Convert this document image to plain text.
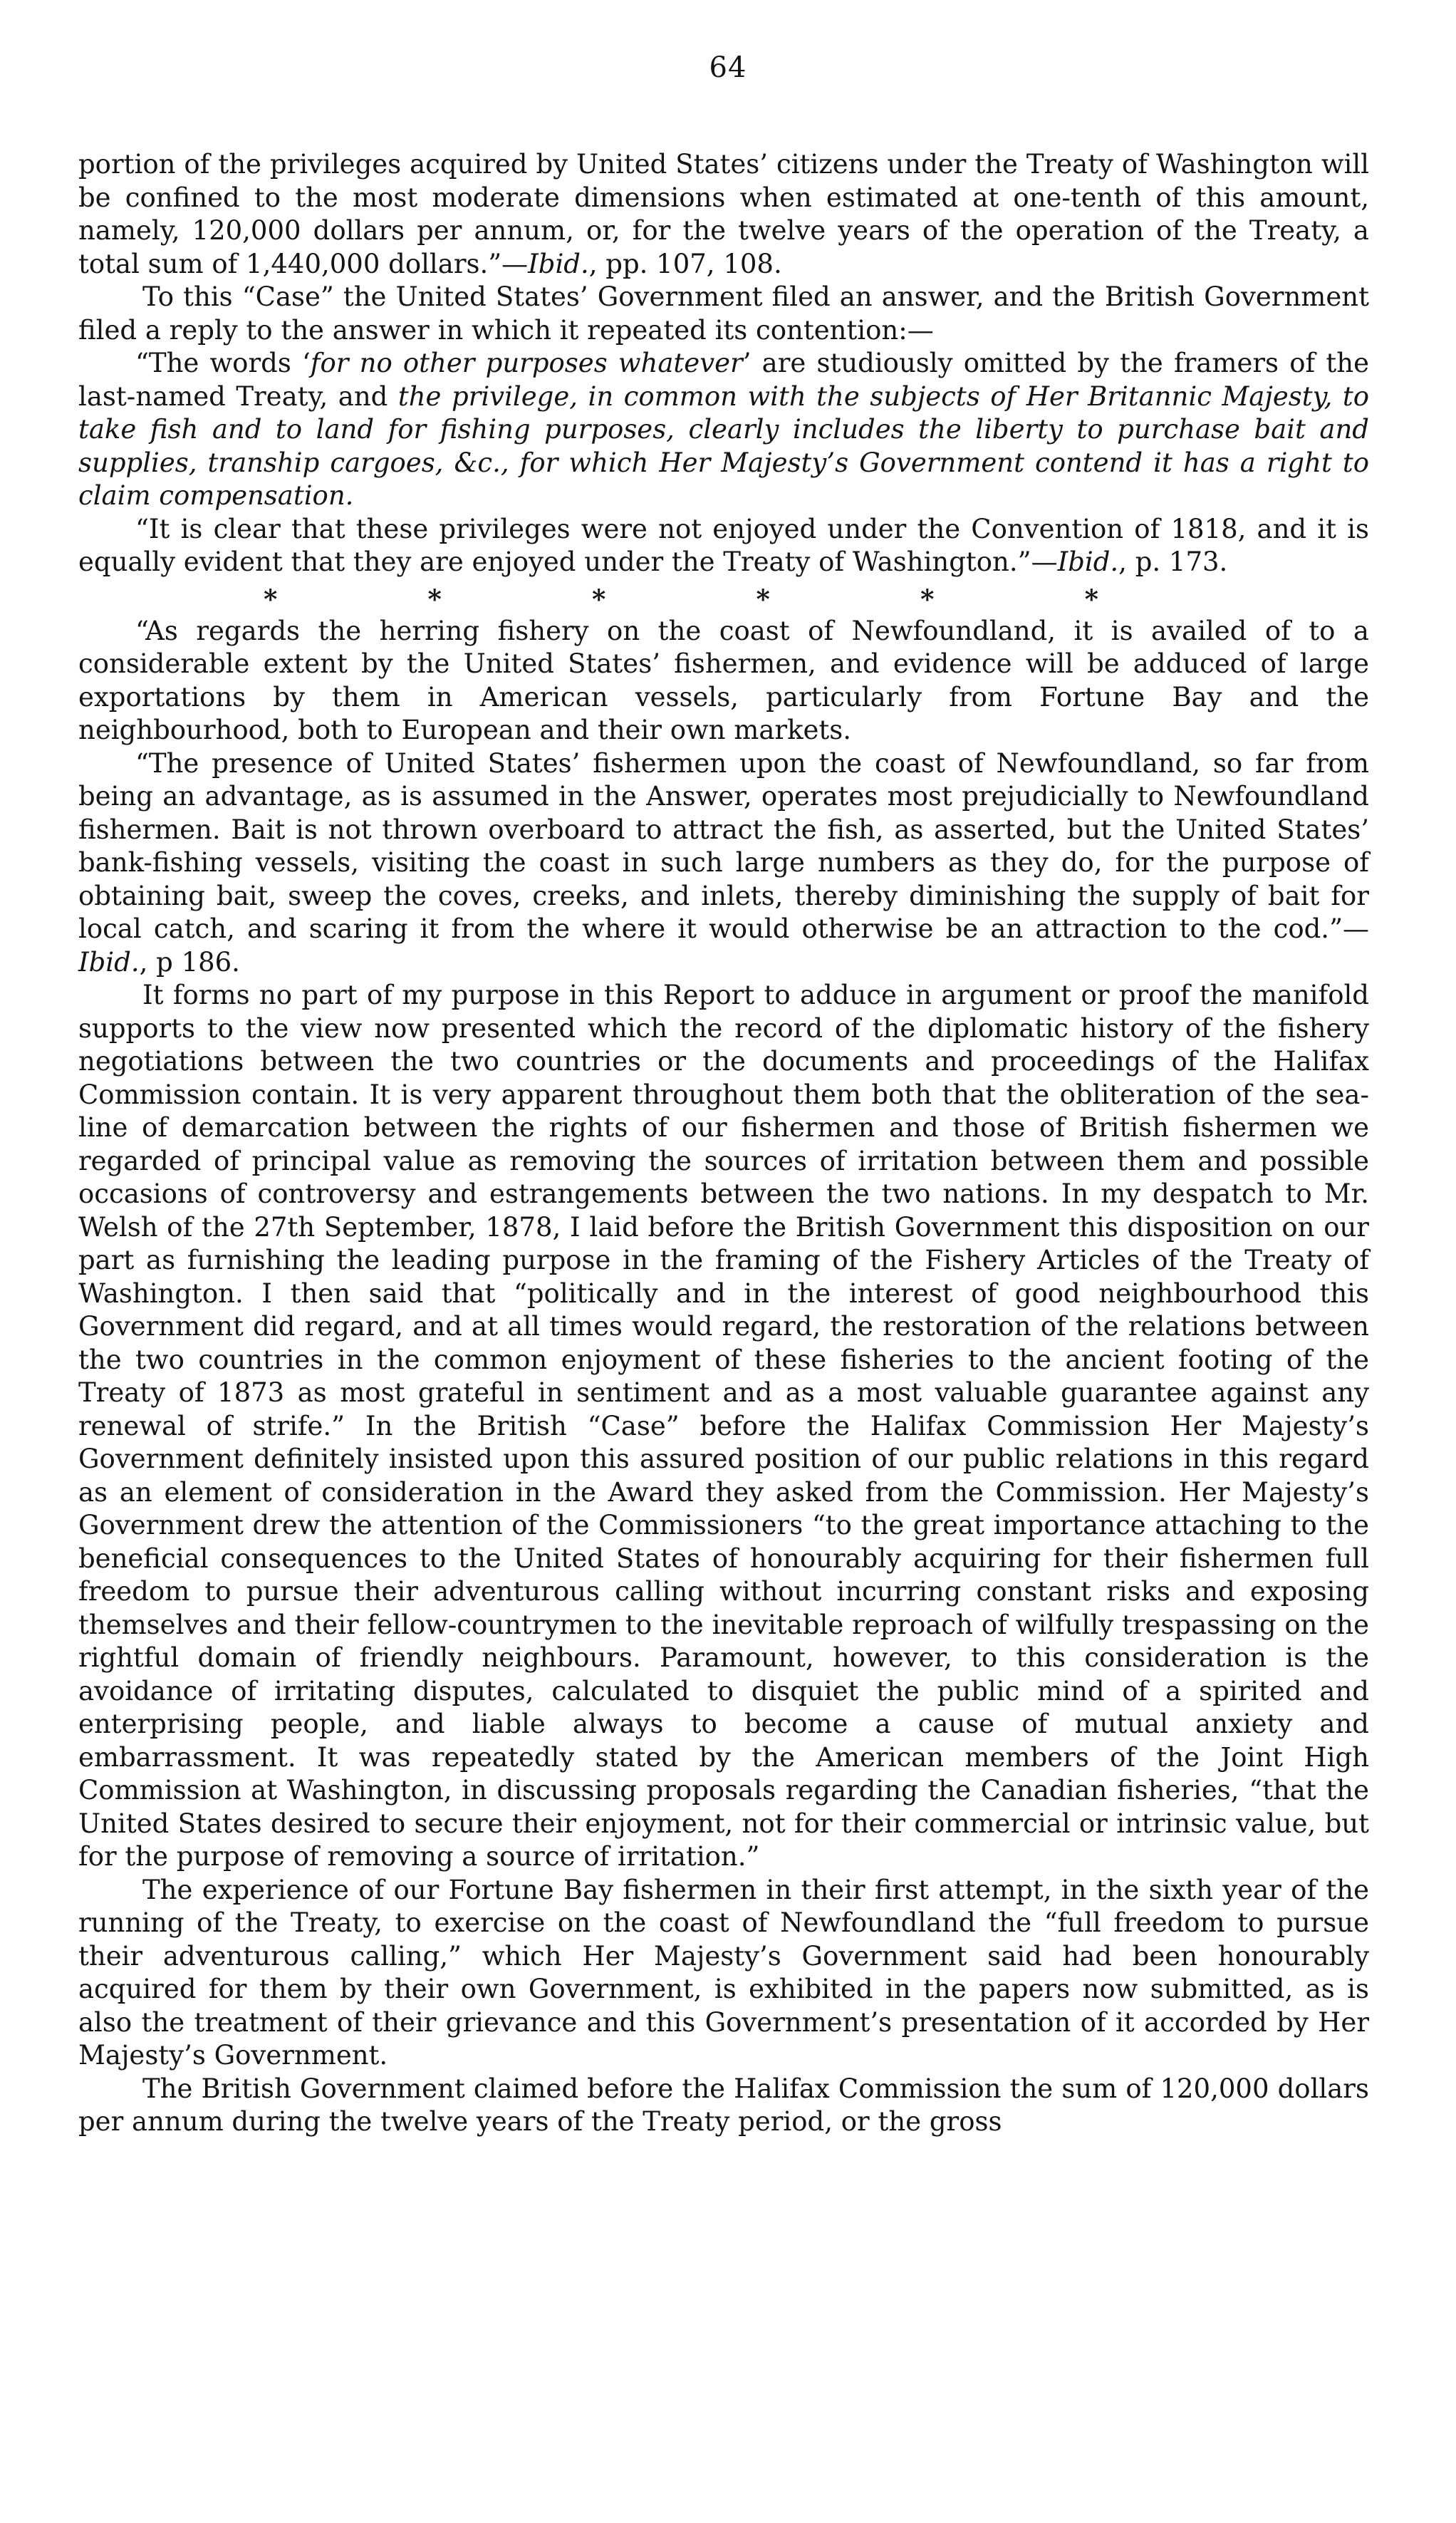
64

portion of the privileges acquired by United States’ citizens under the Treaty of Washington will be confined to the most moderate dimensions when estimated at one-tenth of this amount, namely, 120,000 dollars per annum, or, for the twelve years of the operation of the Treaty, a total sum of 1,440,000 dollars.”—Ibid., pp. 107, 108.

To this “Case” the United States’ Government filed an answer, and the British Government filed a reply to the answer in which it repeated its contention:—

“The words ‘for no other purposes whatever’ are studiously omitted by the framers of the last-named Treaty, and the privilege, in common with the subjects of Her Britannic Majesty, to take fish and to land for fishing purposes, clearly includes the liberty to purchase bait and supplies, tranship cargoes, &c., for which Her Majesty’s Government contend it has a right to claim compensation.

“It is clear that these privileges were not enjoyed under the Convention of 1818, and it is equally evident that they are enjoyed under the Treaty of Washington.”—Ibid., p. 173.

*	*	*	*	*	*

“As regards the herring fishery on the coast of Newfoundland, it is availed of to a considerable extent by the United States’ fishermen, and evidence will be adduced of large exportations by them in American vessels, particularly from Fortune Bay and the neighbourhood, both to European and their own markets.

“The presence of United States’ fishermen upon the coast of Newfoundland, so far from being an advantage, as is assumed in the Answer, operates most prejudicially to Newfoundland fishermen. Bait is not thrown overboard to attract the fish, as asserted, but the United States’ bank-fishing vessels, visiting the coast in such large numbers as they do, for the purpose of obtaining bait, sweep the coves, creeks, and inlets, thereby diminishing the supply of bait for local catch, and scaring it from the where it would otherwise be an attraction to the cod.”—Ibid., p 186.

It forms no part of my purpose in this Report to adduce in argument or proof the manifold supports to the view now presented which the record of the diplomatic history of the fishery negotiations between the two countries or the documents and proceedings of the Halifax Commission contain. It is very apparent throughout them both that the obliteration of the sea-line of demarcation between the rights of our fishermen and those of British fishermen we regarded of principal value as removing the sources of irritation between them and possible occasions of controversy and estrangements between the two nations. In my despatch to Mr. Welsh of the 27th September, 1878, I laid before the British Government this disposition on our part as furnishing the leading purpose in the framing of the Fishery Articles of the Treaty of Washington. I then said that “politically and in the interest of good neighbourhood this Government did regard, and at all times would regard, the restoration of the relations between the two countries in the common enjoyment of these fisheries to the ancient footing of the Treaty of 1873 as most grateful in sentiment and as a most valuable guarantee against any renewal of strife.” In the British “Case” before the Halifax Commission Her Majesty’s Government definitely insisted upon this assured position of our public relations in this regard as an element of consideration in the Award they asked from the Commission. Her Majesty’s Government drew the attention of the Commissioners “to the great importance attaching to the beneficial consequences to the United States of honourably acquiring for their fishermen full freedom to pursue their adventurous calling without incurring constant risks and exposing themselves and their fellow-countrymen to the inevitable reproach of wilfully trespassing on the rightful domain of friendly neighbours. Paramount, however, to this consideration is the avoidance of irritating disputes, calculated to disquiet the public mind of a spirited and enterprising people, and liable always to become a cause of mutual anxiety and embarrassment. It was repeatedly stated by the American members of the Joint High Commission at Washington, in discussing proposals regarding the Canadian fisheries, “that the United States desired to secure their enjoyment, not for their commercial or intrinsic value, but for the purpose of removing a source of irritation.”

The experience of our Fortune Bay fishermen in their first attempt, in the sixth year of the running of the Treaty, to exercise on the coast of Newfoundland the “full freedom to pursue their adventurous calling,” which Her Majesty’s Government said had been honourably acquired for them by their own Government, is exhibited in the papers now submitted, as is also the treatment of their grievance and this Government’s presentation of it accorded by Her Majesty’s Government.

The British Government claimed before the Halifax Commission the sum of 120,000 dollars per annum during the twelve years of the Treaty period, or the gross
